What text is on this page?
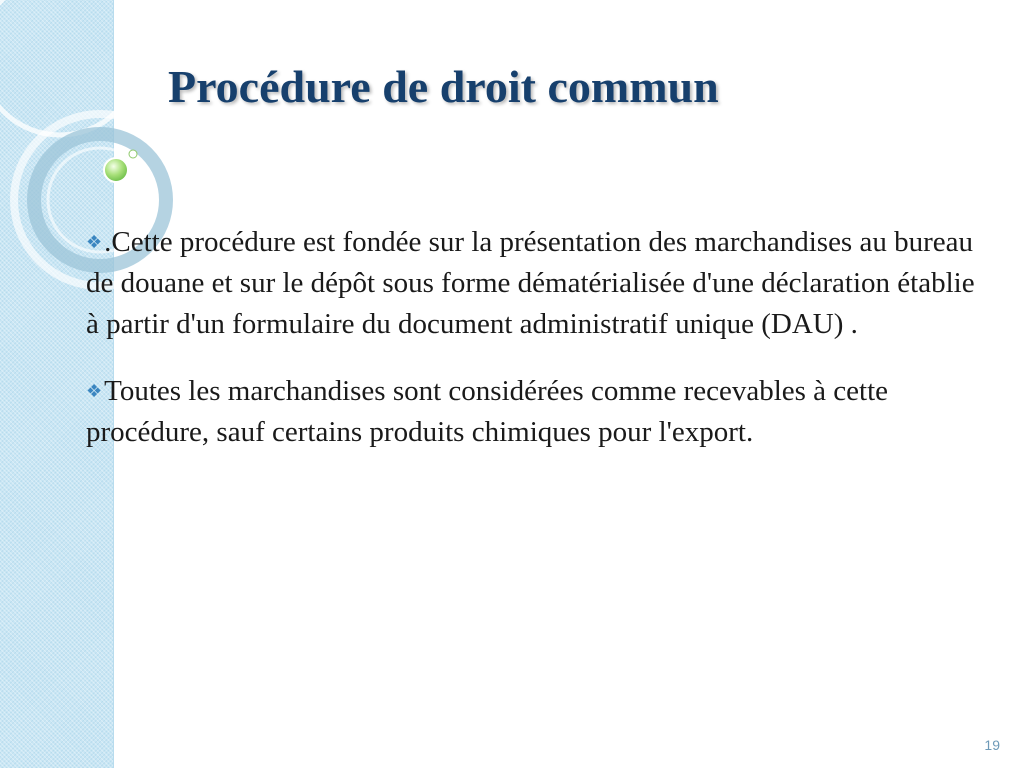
Procédure de droit commun

❖.Cette procédure est fondée sur la présentation des marchandises au bureau de douane et sur le dépôt sous forme dématérialisée d'une déclaration établie à partir d'un formulaire du document administratif unique (DAU) .

❖Toutes les marchandises sont considérées comme recevables à cette procédure, sauf certains produits chimiques pour l'export.

19
